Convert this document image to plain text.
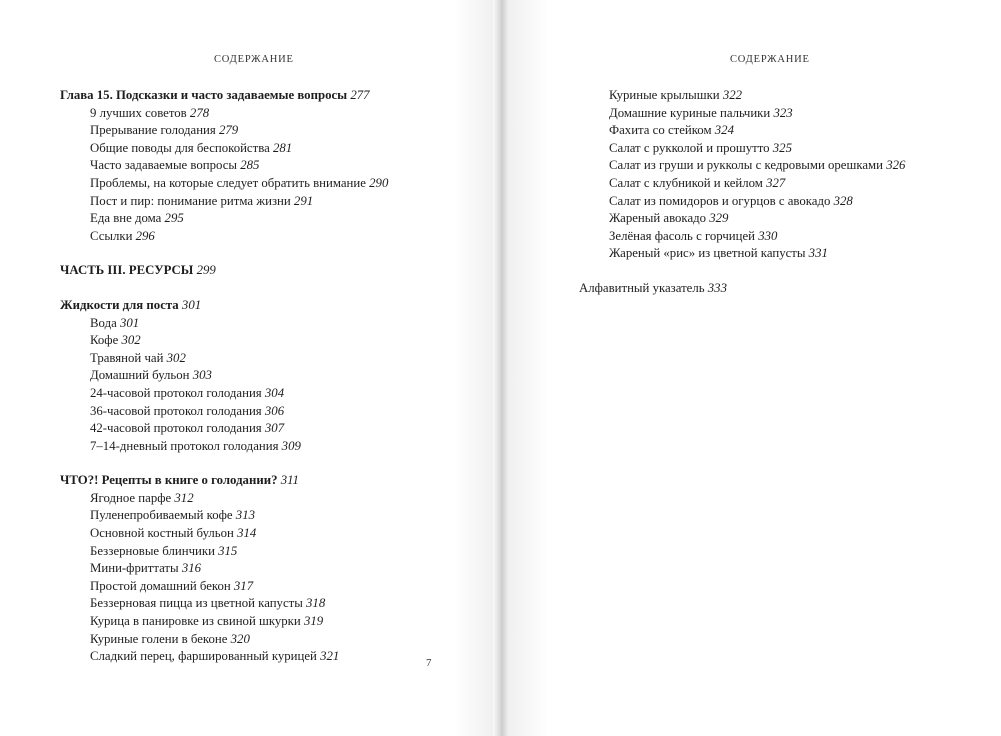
СОДЕРЖАНИЕ
Глава 15. Подсказки и часто задаваемые вопросы 277
9 лучших советов 278
Прерывание голодания 279
Общие поводы для беспокойства 281
Часто задаваемые вопросы 285
Проблемы, на которые следует обратить внимание 290
Пост и пир: понимание ритма жизни 291
Еда вне дома 295
Ссылки 296
ЧАСТЬ III. РЕСУРСЫ 299
Жидкости для поста 301
Вода 301
Кофе 302
Травяной чай 302
Домашний бульон 303
24-часовой протокол голодания 304
36-часовой протокол голодания 306
42-часовой протокол голодания 307
7–14-дневный протокол голодания 309
ЧТО?! Рецепты в книге о голодании? 311
Ягодное парфе 312
Пуленепробиваемый кофе 313
Основной костный бульон 314
Беззерновые блинчики 315
Мини-фриттаты 316
Простой домашний бекон 317
Беззерновая пицца из цветной капусты 318
Курица в панировке из свиной шкурки 319
Куриные голени в беконе 320
Сладкий перец, фаршированный курицей 321	7
СОДЕРЖАНИЕ
Куриные крылышки 322
Домашние куриные пальчики 323
Фахита со стейком 324
Салат с рукколой и прошутто 325
Салат из груши и рукколы с кедровыми орешками 326
Салат с клубникой и кейлом 327
Салат из помидоров и огурцов с авокадо 328
Жареный авокадо 329
Зелёная фасоль с горчицей 330
Жареный «рис» из цветной капусты 331
Алфавитный указатель 333
